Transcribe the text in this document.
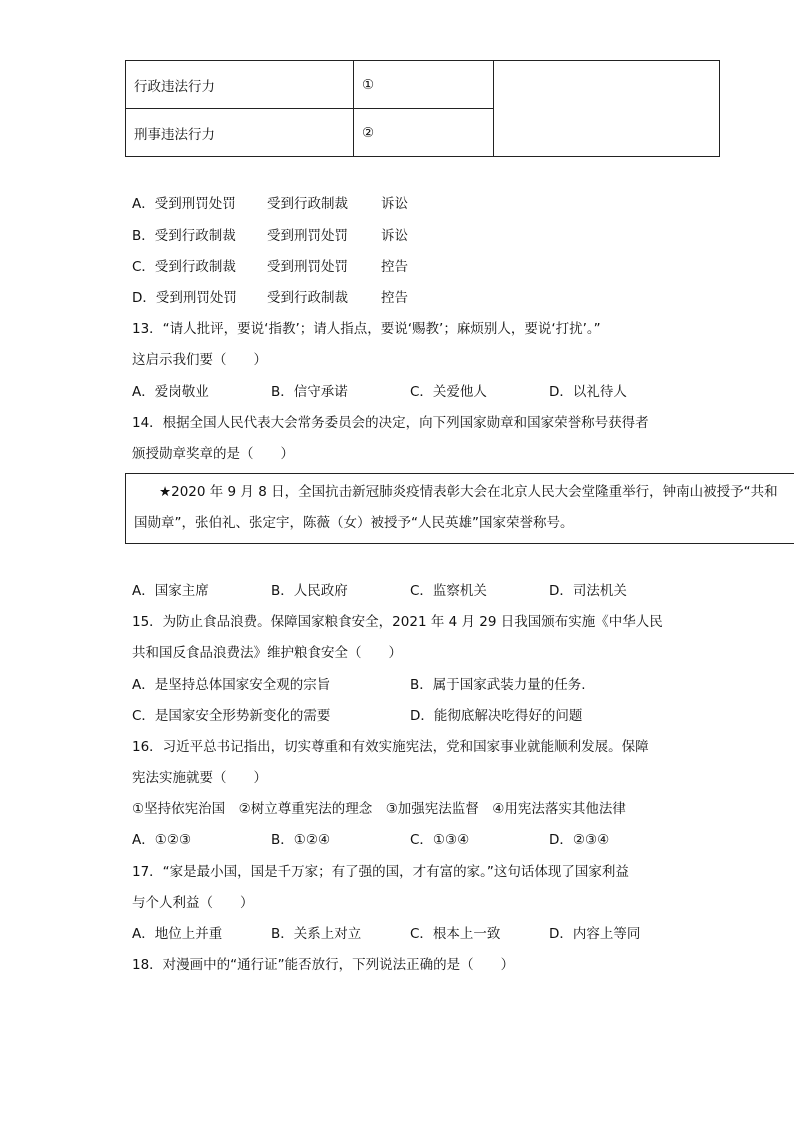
行政违法行力	①	
刑事违法行力	②	
A．受到刑罚处罚 受到行政制裁 诉讼
B．受到行政制裁 受到刑罚处罚 诉讼
C．受到行政制裁 受到刑罚处罚 控告
D．受到刑罚处罚 受到行政制裁 控告
13．“请人批评，要说‘指教’；请人指点，要说‘赐教’；麻烦别人，要说‘打扰’。”
这启示我们要（　　）
A．爱岗敬业	B．信守承诺	C．关爱他人	D．以礼待人
14．根据全国人民代表大会常务委员会的决定，向下列国家勋章和国家荣誉称号获得者
颁授勋章奖章的是（　　）
★2020 年 9 月 8 日，全国抗击新冠肺炎疫情表彰大会在北京人民大会堂隆重举行，钟南山被授予“共和
国勋章”，张伯礼、张定宇，陈薇（女）被授予“人民英雄”国家荣誉称号。
A．国家主席	B．人民政府	C．监察机关	D．司法机关
15．为防止食品浪费。保障国家粮食安全，2021 年 4 月 29 日我国颁布实施《中华人民
共和国反食品浪费法》维护粮食安全（　　）
A．是坚持总体国家安全观的宗旨	B．属于国家武装力量的任务.
C．是国家安全形势新变化的需要	D．能彻底解决吃得好的问题
16．习近平总书记指出，切实尊重和有效实施宪法，党和国家事业就能顺利发展。保障
宪法实施就要（　　）
①坚持依宪治国　②树立尊重宪法的理念　③加强宪法监督　④用宪法落实其他法律
A．①②③	B．①②④	C．①③④	D．②③④
17．“家是最小国，国是千万家；有了强的国，才有富的家。”这句话体现了国家利益
与个人利益（　　）
A．地位上并重	B．关系上对立	C．根本上一致	D．内容上等同
18．对漫画中的“通行证”能否放行，下列说法正确的是（　　）
